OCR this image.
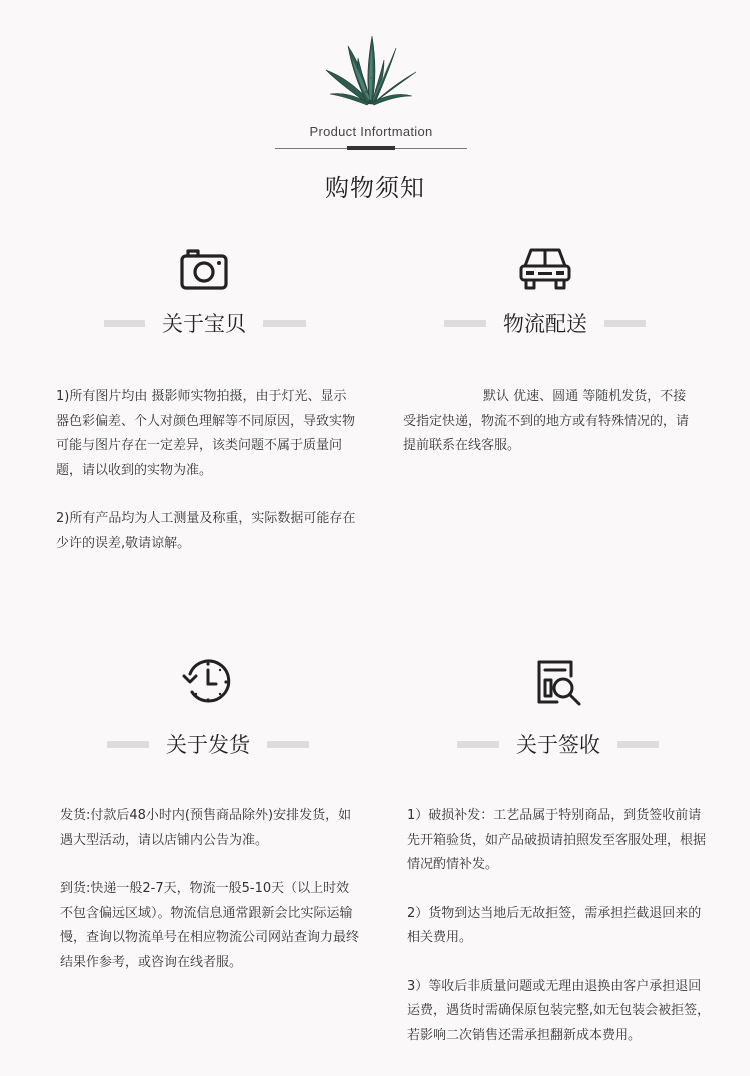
Product Infortmation
购物须知
关于宝贝

1)所有图片均由 摄影师实物拍摄，由于灯光、显示器色彩偏差、个人对颜色理解等不同原因，导致实物可能与图片存在一定差异，该类问题不属于质量问题，请以收到的实物为准。

2)所有产品均为人工测量及称重，实际数据可能存在少许的误差,敬请谅解。

物流配送

默认 优速、圆通 等随机发货，不接受指定快递，物流不到的地方或有特殊情况的，请提前联系在线客服。

关于发货

发货:付款后48小时内(预售商品除外)安排发货，如遇大型活动，请以店铺内公告为准。

到货:快递一般2-7天，物流一般5-10天（以上时效不包含偏远区域）。物流信息通常跟新会比实际运输慢，查询以物流单号在相应物流公司网站查询力最终结果作参考，或咨询在线者服。

关于签收

1）破损补发：工艺品属于特别商品，到货签收前请先开箱验货，如产品破损请拍照发至客服处理，根据情况酌情补发。

2）货物到达当地后无故拒签，需承担拦截退回来的相关费用。

3）等收后非质量问题或无理由退换由客户承担退回运费，遇货时需确保原包装完整,如无包装会被拒签，若影响二次销售还需承担翻新成本费用。
